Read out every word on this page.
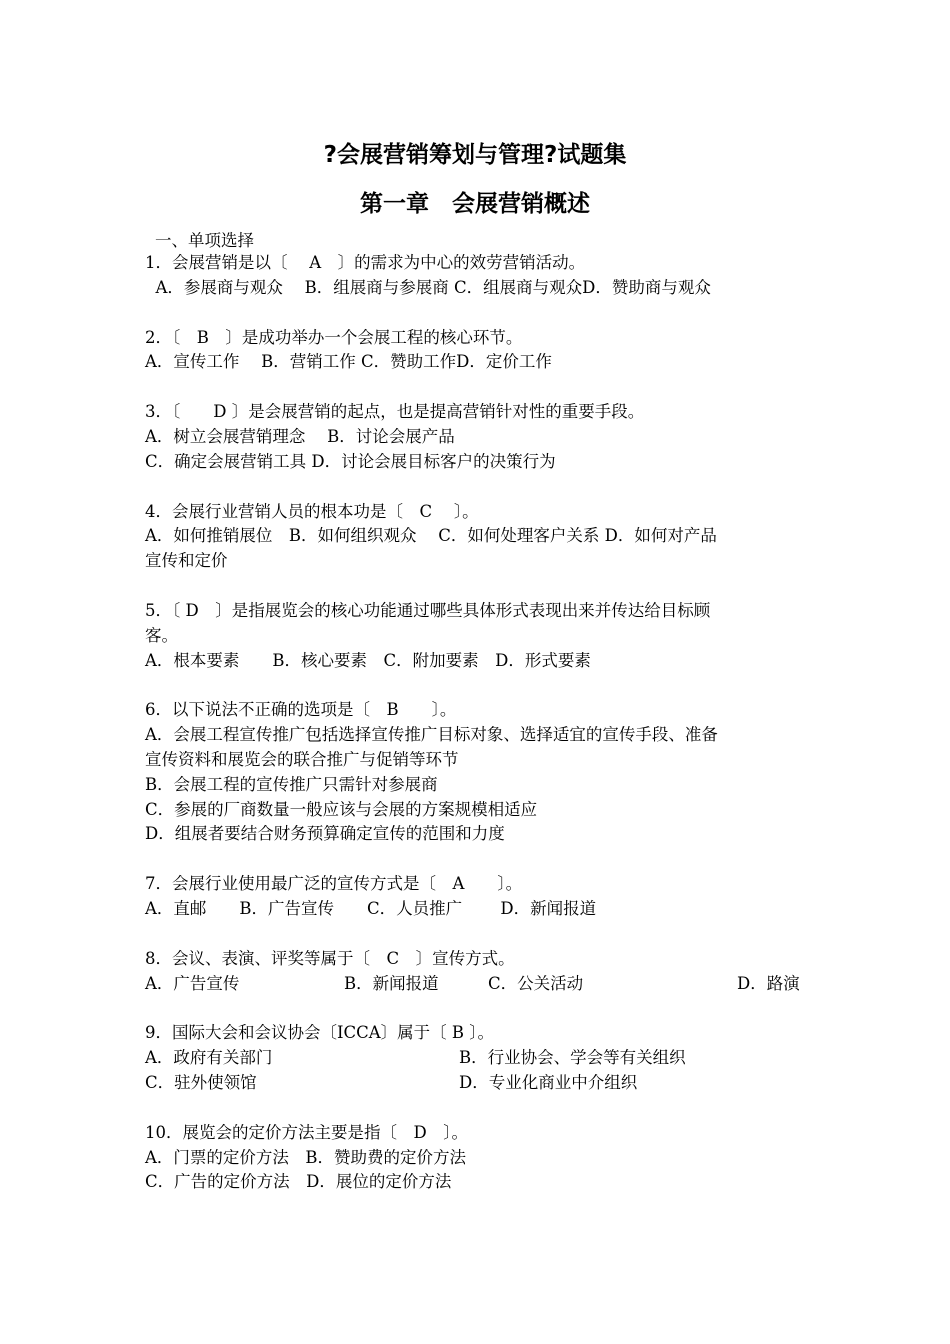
?会展营销筹划与管理?试题集
第一章　会展营销概述

一、单项选择

1．会展营销是以〔　 A　〕的需求为中心的效劳营销活动。

A．参展商与观众　 B．组展商与参展商 C．组展商与观众D．赞助商与观众

2．〔　B　〕是成功举办一个会展工程的核心环节。

A．宣传工作　 B．营销工作 C．赞助工作D．定价工作

3．〔　　D 〕是会展营销的起点，也是提高营销针对性的重要手段。

A．树立会展营销理念　 B．讨论会展产品

C．确定会展营销工具 D．讨论会展目标客户的决策行为

4．会展行业营销人员的根本功是〔　C　 〕。

A．如何推销展位　B．如何组织观众　 C．如何处理客户关系 D．如何对产品

宣传和定价

5．〔 D　〕是指展览会的核心功能通过哪些具体形式表现出来并传达给目标顾

客。

A．根本要素　　B．核心要素　C．附加要素　D．形式要素

6．以下说法不正确的选项是〔　B　　〕。

A．会展工程宣传推广包括选择宣传推广目标对象、选择适宜的宣传手段、准备

宣传资料和展览会的联合推广与促销等环节

B．会展工程的宣传推广只需针对参展商

C．参展的厂商数量一般应该与会展的方案规模相适应

D．组展者要结合财务预算确定宣传的范围和力度

7．会展行业使用最广泛的宣传方式是〔　A　　〕。

A．直邮　　B．广告宣传　　C．人员推广　　 D．新闻报道

8．会议、表演、评奖等属于〔　C　〕宣传方式。

A．广告宣传	B．新闻报道	C．公关活动	D．路演

9．国际大会和会议协会〔ICCA〕属于〔 B 〕。

A．政府有关部门	B．行业协会、学会等有关组织
C．驻外使领馆	D．专业化商业中介组织

10．展览会的定价方法主要是指〔　D　〕。

A．门票的定价方法　B．赞助费的定价方法

C．广告的定价方法　D．展位的定价方法
